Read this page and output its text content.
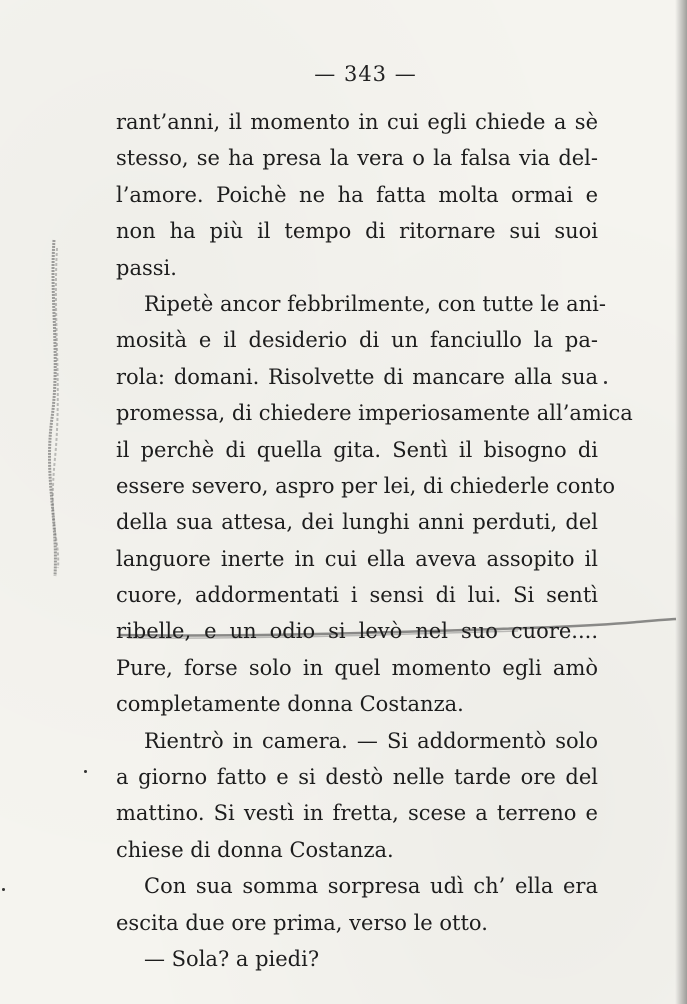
— 343 —
rant’anni, il momento in cui egli chiede a sè
stesso, se ha presa la vera o la falsa via del-
l’amore. Poichè ne ha fatta molta ormai e
non ha più il tempo di ritornare sui suoi
passi.
Ripetè ancor febbrilmente, con tutte le ani-
mosità e il desiderio di un fanciullo la pa-
rola: domani. Risolvette di mancare alla sua
promessa, di chiedere imperiosamente all’amica
il perchè di quella gita. Sentì il bisogno di
essere severo, aspro per lei, di chiederle conto
della sua attesa, dei lunghi anni perduti, del
languore inerte in cui ella aveva assopito il
cuore, addormentati i sensi di lui. Si sentì
ribelle, e un odio si levò nel suo cuore....
Pure, forse solo in quel momento egli amò
completamente donna Costanza.
Rientrò in camera. — Si addormentò solo
a giorno fatto e si destò nelle tarde ore del
mattino. Si vestì in fretta, scese a terreno e
chiese di donna Costanza.
Con sua somma sorpresa udì ch’ ella era
escita due ore prima, verso le otto.
— Sola? a piedi?
